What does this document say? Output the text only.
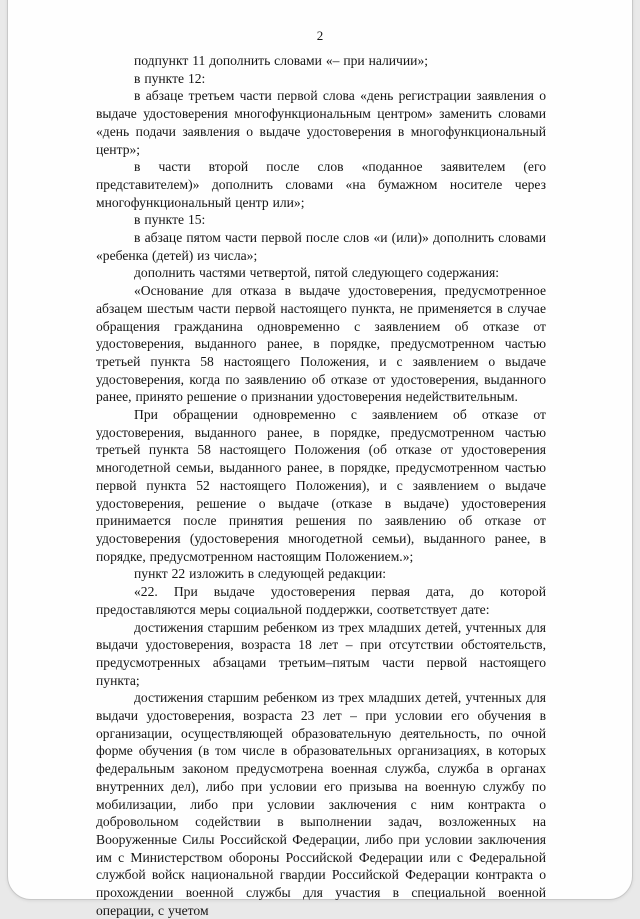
2

подпункт 11 дополнить словами «– при наличии»;

в пункте 12:

в абзаце третьем части первой слова «день регистрации заявления о выдаче удостоверения многофункциональным центром» заменить словами «день подачи заявления о выдаче удостоверения в многофункциональный центр»;

в части второй после слов «поданное заявителем (его представителем)» дополнить словами «на бумажном носителе через многофункциональный центр или»;

в пункте 15:

в абзаце пятом части первой после слов «и (или)» дополнить словами «ребенка (детей) из числа»;

дополнить частями четвертой, пятой следующего содержания:

«Основание для отказа в выдаче удостоверения, предусмотренное абзацем шестым части первой настоящего пункта, не применяется в случае обращения гражданина одновременно с заявлением об отказе от удостоверения, выданного ранее, в порядке, предусмотренном частью третьей пункта 58 настоящего Положения, и с заявлением о выдаче удостоверения, когда по заявлению об отказе от удостоверения, выданного ранее, принято решение о признании удостоверения недействительным.

При обращении одновременно с заявлением об отказе от удостоверения, выданного ранее, в порядке, предусмотренном частью третьей пункта 58 настоящего Положения (об отказе от удостоверения многодетной семьи, выданного ранее, в порядке, предусмотренном частью первой пункта 52 настоящего Положения), и с заявлением о выдаче удостоверения, решение о выдаче (отказе в выдаче) удостоверения принимается после принятия решения по заявлению об отказе от удостоверения (удостоверения многодетной семьи), выданного ранее, в порядке, предусмотренном настоящим Положением.»;

пункт 22 изложить в следующей редакции:

«22. При выдаче удостоверения первая дата, до которой предоставляются меры социальной поддержки, соответствует дате:

достижения старшим ребенком из трех младших детей, учтенных для выдачи удостоверения, возраста 18 лет – при отсутствии обстоятельств, предусмотренных абзацами третьим–пятым части первой настоящего пункта;

достижения старшим ребенком из трех младших детей, учтенных для выдачи удостоверения, возраста 23 лет – при условии его обучения в организации, осуществляющей образовательную деятельность, по очной форме обучения (в том числе в образовательных организациях, в которых федеральным законом предусмотрена военная служба, служба в органах внутренних дел), либо при условии его призыва на военную службу по мобилизации, либо при условии заключения с ним контракта о добровольном содействии в выполнении задач, возложенных на Вооруженные Силы Российской Федерации, либо при условии заключения им с Министерством обороны Российской Федерации или с Федеральной службой войск национальной гвардии Российской Федерации контракта о прохождении военной службы для участия в специальной военной операции, с учетом
